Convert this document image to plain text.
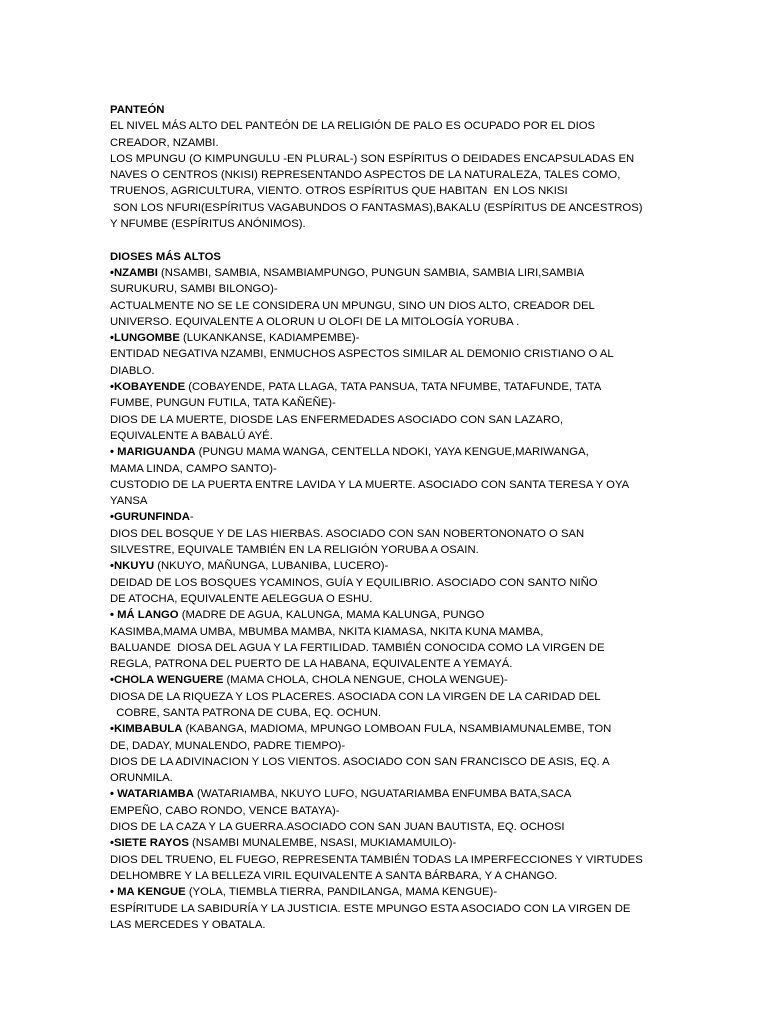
PANTEÓN
EL NIVEL MÁS ALTO DEL PANTEÓN DE LA RELIGIÓN DE PALO ES OCUPADO POR EL DIOS
CREADOR, NZAMBI.
LOS MPUNGU (O KIMPUNGULU -EN PLURAL-) SON ESPÍRITUS O DEIDADES ENCAPSULADAS EN
NAVES O CENTROS (NKISI) REPRESENTANDO ASPECTOS DE LA NATURALEZA, TALES COMO,
TRUENOS, AGRICULTURA, VIENTO. OTROS ESPÍRITUS QUE HABITAN  EN LOS NKISI
SON LOS NFURI(ESPÍRITUS VAGABUNDOS O FANTASMAS),BAKALU (ESPÍRITUS DE ANCESTROS)
Y NFUMBE (ESPÍRITUS ANÓNIMOS).
DIOSES MÁS ALTOS
•NZAMBI (NSAMBI, SAMBIA, NSAMBIAMPUNGO, PUNGUN SAMBIA, SAMBIA LIRI,SAMBIA
SURUKURU, SAMBI BILONGO)-
ACTUALMENTE NO SE LE CONSIDERA UN MPUNGU, SINO UN DIOS ALTO, CREADOR DEL
UNIVERSO. EQUIVALENTE A OLORUN U OLOFI DE LA MITOLOGÍA YORUBA .
•LUNGOMBE (LUKANKANSE, KADIAMPEMBE)-
ENTIDAD NEGATIVA NZAMBI, ENMUCHOS ASPECTOS SIMILAR AL DEMONIO CRISTIANO O AL
DIABLO.
•KOBAYENDE (COBAYENDE, PATA LLAGA, TATA PANSUA, TATA NFUMBE, TATAFUNDE, TATA
FUMBE, PUNGUN FUTILA, TATA KAÑEÑE)-
DIOS DE LA MUERTE, DIOSDE LAS ENFERMEDADES ASOCIADO CON SAN LAZARO,
EQUIVALENTE A BABALÚ AYÉ.
• MARIGUANDA (PUNGU MAMA WANGA, CENTELLA NDOKI, YAYA KENGUE,MARIWANGA,
MAMA LINDA, CAMPO SANTO)-
CUSTODIO DE LA PUERTA ENTRE LAVIDA Y LA MUERTE. ASOCIADO CON SANTA TERESA Y OYA
YANSA
•GURUNFINDA-
DIOS DEL BOSQUE Y DE LAS HIERBAS. ASOCIADO CON SAN NOBERTONONATO O SAN
SILVESTRE, EQUIVALE TAMBIÉN EN LA RELIGIÓN YORUBA A OSAIN.
•NKUYU (NKUYO, MAÑUNGA, LUBANIBA, LUCERO)-
DEIDAD DE LOS BOSQUES YCAMINOS, GUÍA Y EQUILIBRIO. ASOCIADO CON SANTO NIÑO
DE ATOCHA, EQUIVALENTE AELEGGUA O ESHU.
• MÁ LANGO (MADRE DE AGUA, KALUNGA, MAMA KALUNGA, PUNGO
KASIMBA,MAMA UMBA, MBUMBA MAMBA, NKITA KIAMASA, NKITA KUNA MAMBA,
BALUANDE  DIOSA DEL AGUA Y LA FERTILIDAD. TAMBIÉN CONOCIDA COMO LA VIRGEN DE
REGLA, PATRONA DEL PUERTO DE LA HABANA, EQUIVALENTE A YEMAYÁ.
•CHOLA WENGUERE (MAMA CHOLA, CHOLA NENGUE, CHOLA WENGUE)-
DIOSA DE LA RIQUEZA Y LOS PLACERES. ASOCIADA CON LA VIRGEN DE LA CARIDAD DEL
COBRE, SANTA PATRONA DE CUBA, EQ. OCHUN.
•KIMBABULA (KABANGA, MADIOMA, MPUNGO LOMBOAN FULA, NSAMBIAMUNALEMBE, TON
DE, DADAY, MUNALENDO, PADRE TIEMPO)-
DIOS DE LA ADIVINACION Y LOS VIENTOS. ASOCIADO CON SAN FRANCISCO DE ASIS, EQ. A
ORUNMILA.
• WATARIAMBA (WATARIAMBA, NKUYO LUFO, NGUATARIAMBA ENFUMBA BATA,SACA
EMPEÑO, CABO RONDO, VENCE BATAYA)-
DIOS DE LA CAZA Y LA GUERRA.ASOCIADO CON SAN JUAN BAUTISTA, EQ. OCHOSI
•SIETE RAYOS (NSAMBI MUNALEMBE, NSASI, MUKIAMAMUILO)-
DIOS DEL TRUENO, EL FUEGO, REPRESENTA TAMBIÉN TODAS LA IMPERFECCIONES Y VIRTUDES
DELHOMBRE Y LA BELLEZA VIRIL EQUIVALENTE A SANTA BÁRBARA, Y A CHANGO.
• MA KENGUE (YOLA, TIEMBLA TIERRA, PANDILANGA, MAMA KENGUE)-
ESPÍRITUDE LA SABIDURÍA Y LA JUSTICIA. ESTE MPUNGO ESTA ASOCIADO CON LA VIRGEN DE
LAS MERCEDES Y OBATALA.
